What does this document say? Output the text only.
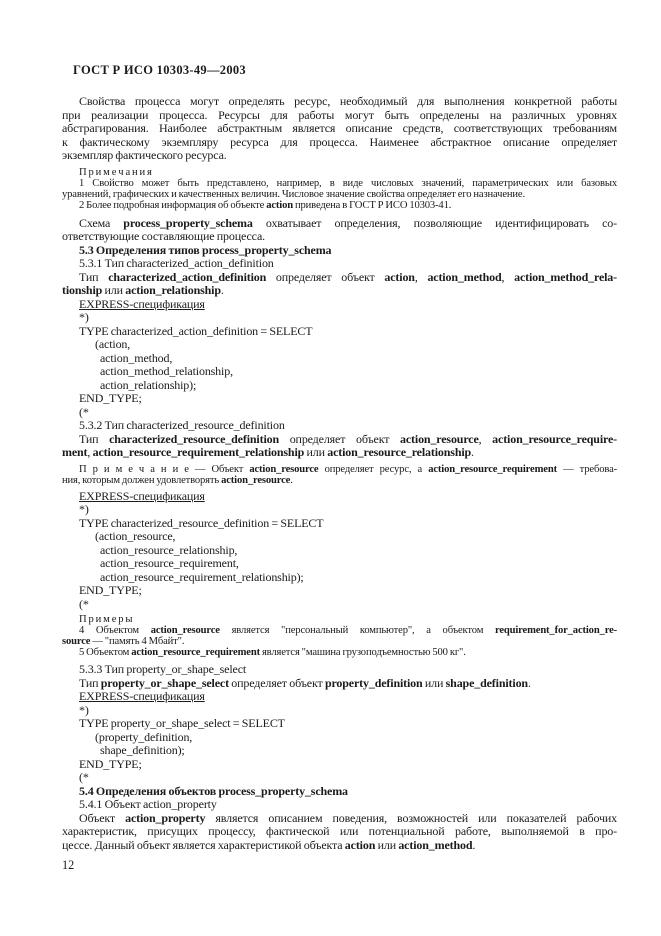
ГОСТ Р ИСО 10303-49—2003
Свойства процесса могут определять ресурс, необходимый для выполнения конкретной работы
при реализации процесса. Ресурсы для работы могут быть определены на различных уровнях
абстрагирования. Наиболее абстрактным является описание средств, соответствующих требованиям
к фактическому экземпляру ресурса для процесса. Наименее абстрактное описание определяет
экземпляр фактического ресурса.
П р и м е ч а н и я
1 Свойство может быть представлено, например, в виде числовых значений, параметрических или базовых
уравнений, графических и качественных величин. Числовое значение свойства определяет его назначение.
2 Более подробная информация об объекте action приведена в ГОСТ Р ИСО 10303-41.
Схема process_property_schema охватывает определения, позволяющие идентифицировать со-
ответствующие составляющие процесса.
5.3 Определения типов process_property_schema
5.3.1 Тип characterized_action_definition
Тип characterized_action_definition определяет объект action, action_method, action_method_rela-
tionship или action_relationship.
EXPRESS-спецификация
*)
TYPE characterized_action_definition = SELECT
(action,
action_method,
action_method_relationship,
action_relationship);
END_TYPE;
(*
5.3.2 Тип characterized_resource_definition
Тип characterized_resource_definition определяет объект action_resource, action_resource_require-
ment, action_resource_requirement_relationship или action_resource_relationship.
П р и м е ч а н и е — Объект action_resource определяет ресурс, а action_resource_requirement — требова-
ния, которым должен удовлетворять action_resource.
EXPRESS-спецификация
*)
TYPE characterized_resource_definition = SELECT
(action_resource,
action_resource_relationship,
action_resource_requirement,
action_resource_requirement_relationship);
END_TYPE;
(*
П р и м е р ы
4 Объектом action_resource является "персональный компьютер", а объектом requirement_for_action_re-
source — "память 4 Мбайт".
5 Объектом action_resource_requirement является "машина грузоподъемностью 500 кг".
5.3.3 Тип property_or_shape_select
Тип property_or_shape_select определяет объект property_definition или shape_definition.
EXPRESS-спецификация
*)
TYPE property_or_shape_select = SELECT
(property_definition,
shape_definition);
END_TYPE;
(*
5.4 Определения объектов process_property_schema
5.4.1 Объект action_property
Объект action_property является описанием поведения, возможностей или показателей рабочих
характеристик, присущих процессу, фактической или потенциальной работе, выполняемой в про-
цессе. Данный объект является характеристикой объекта action или action_method.
12
